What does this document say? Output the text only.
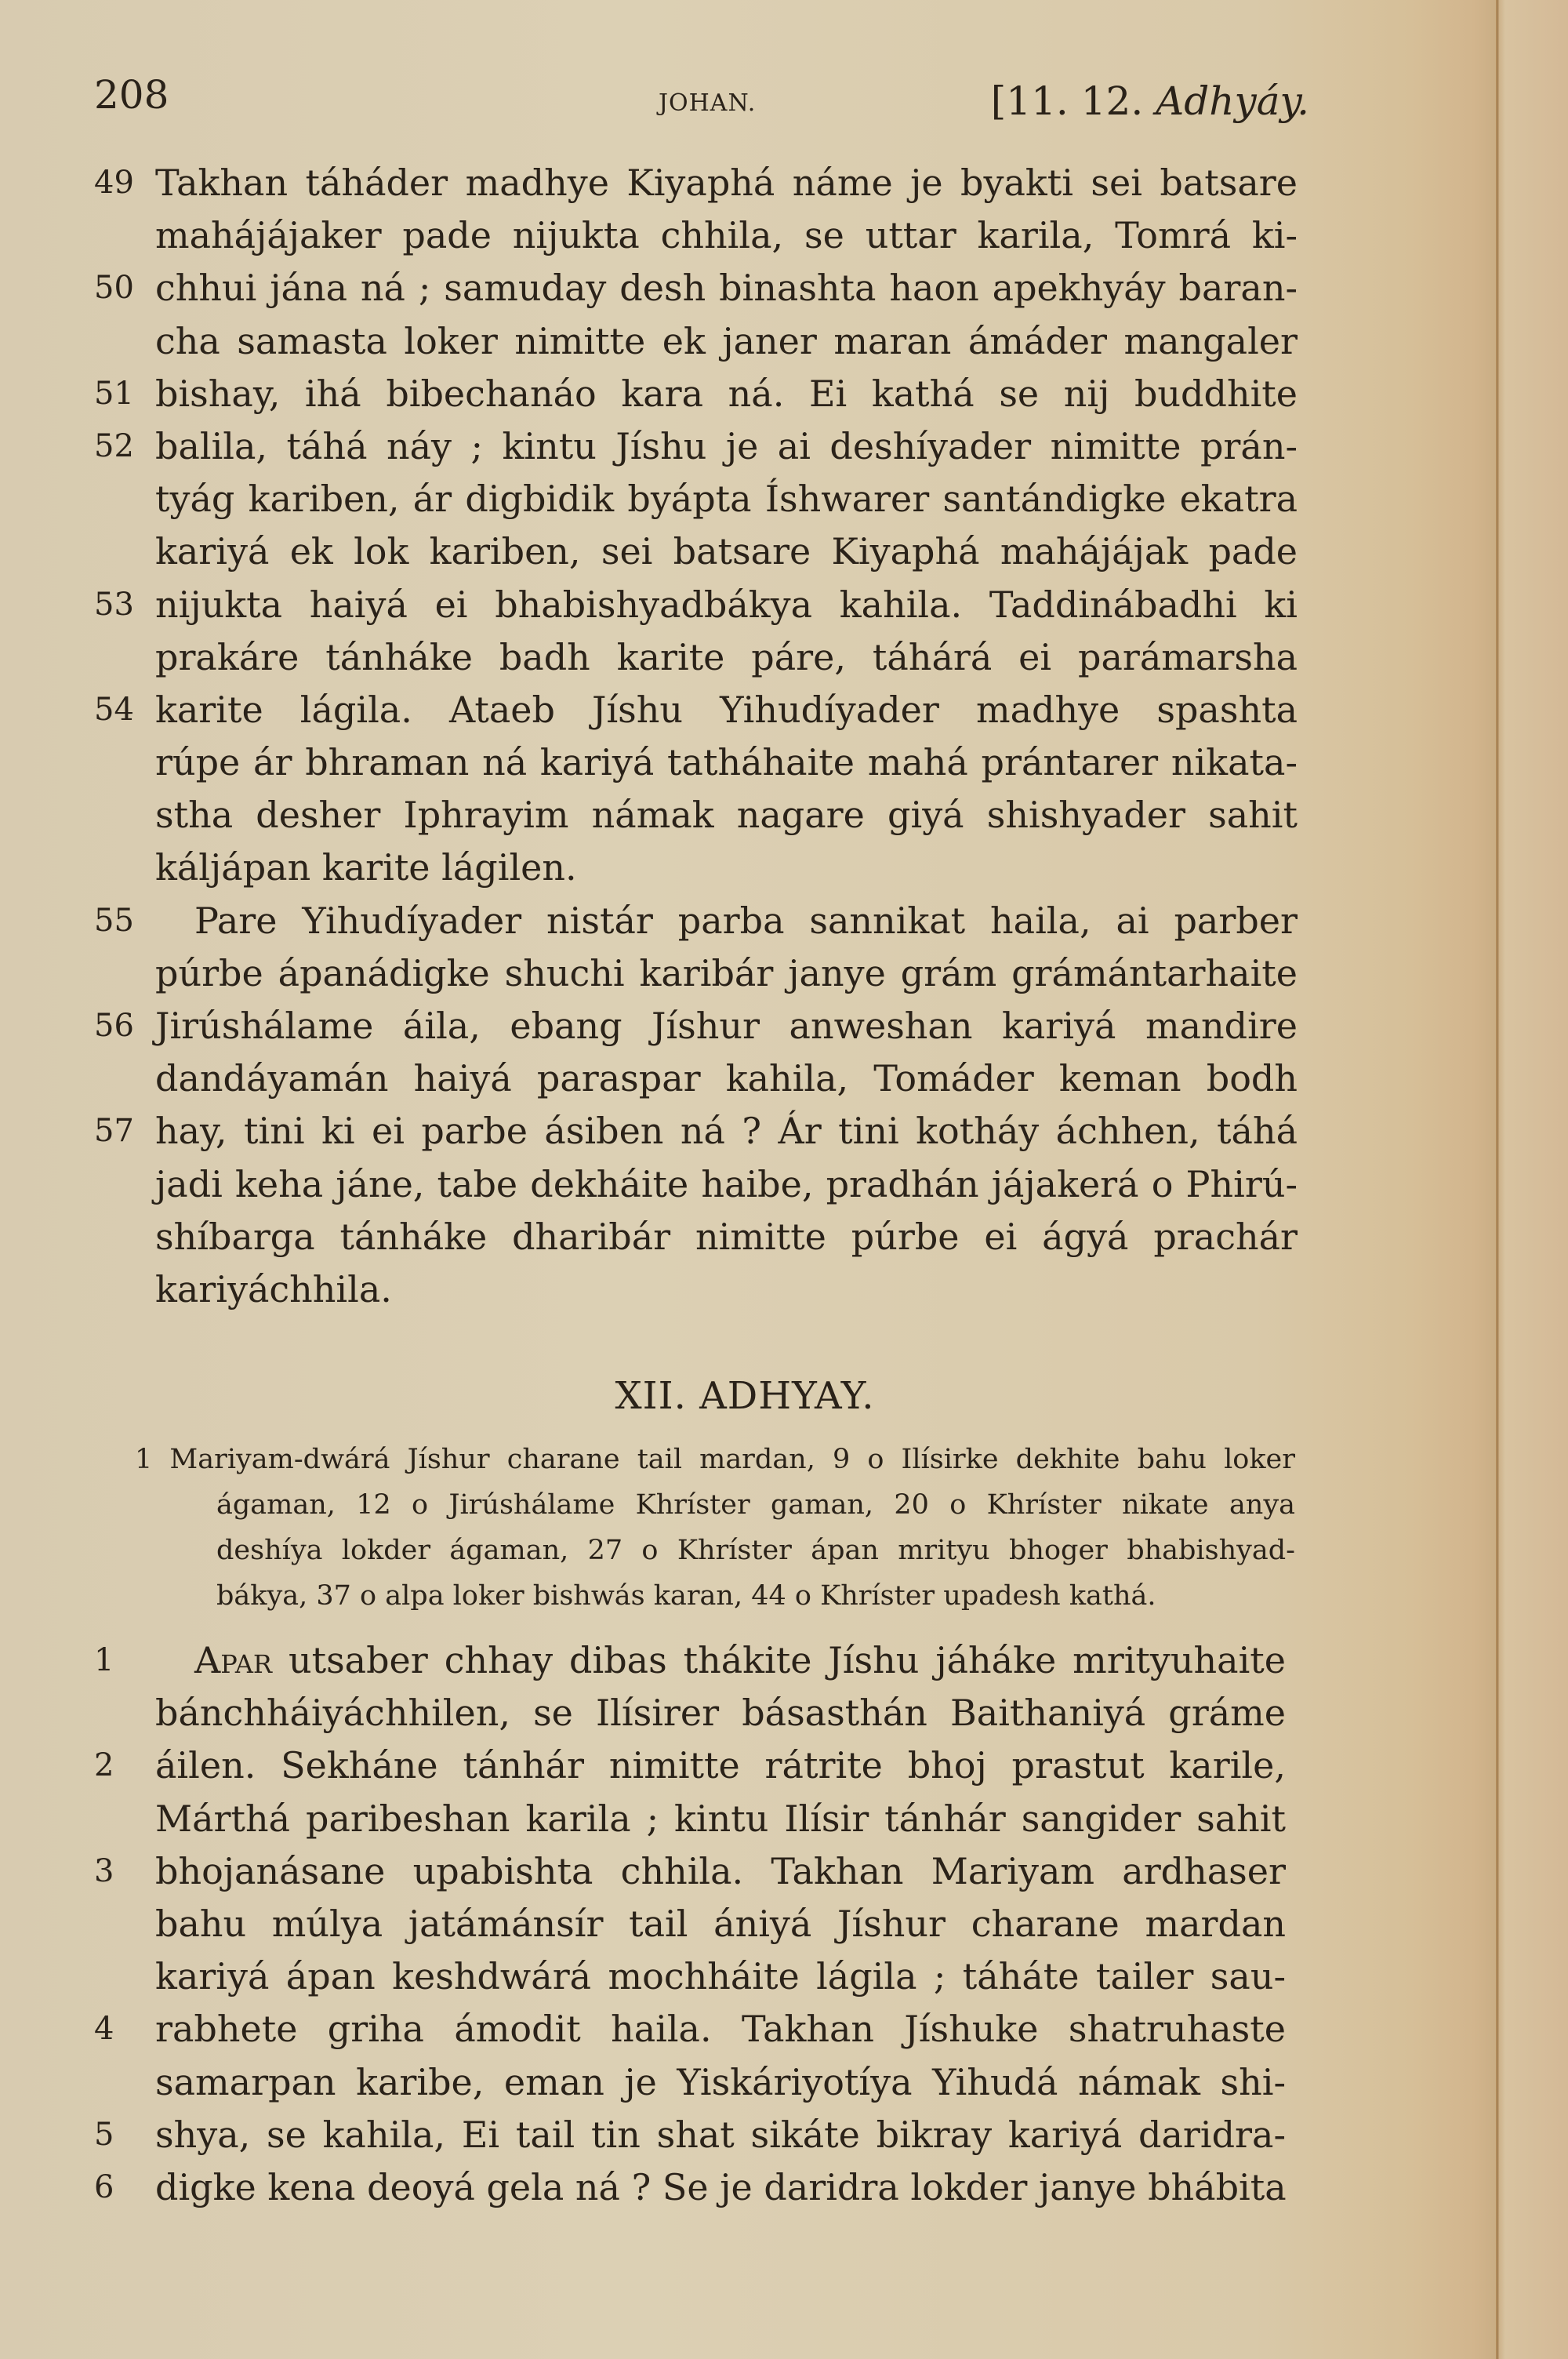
208	JOHAN.	[11. 12. Adhyáy.
49 Takhan táháder madhye Kiyaphá náme je byakti sei batsare
mahájájaker pade nijukta chhila, se uttar karila, Tomrá ki-
50 chhui jána ná ; samuday desh binashta haon apekhyáy baran-
cha samasta loker nimitte ek janer maran ámáder mangaler
51 bishay, ihá bibechanáo kara ná. Ei kathá se nij buddhite
52 balila, táhá náy ; kintu Jíshu je ai deshíyader nimitte prán-
tyág kariben, ár digbidik byápta Íshwarer santándigke ekatra
kariyá ek lok kariben, sei batsare Kiyaphá mahájájak pade
53 nijukta haiyá ei bhabishyadbákya kahila. Taddinábadhi ki
prakáre tánháke badh karite páre, táhárá ei parámarsha
54 karite lágila. Ataeb Jíshu Yihudíyader madhye spashta
rúpe ár bhraman ná kariyá tatháhaite mahá prántarer nikata-
stha desher Iphrayim námak nagare giyá shishyader sahit
káljápan karite lágilen.
55	Pare Yihudíyader nistár parba sannikat haila, ai parber
púrbe ápanádigke shuchi karibár janye grám grámántarhaite
56 Jirúshálame áila, ebang Jíshur anweshan kariyá mandire
dandáyamán haiyá paraspar kahila, Tomáder keman bodh
57 hay, tini ki ei parbe ásiben ná ? Ár tini kotháy áchhen, táhá
jadi keha jáne, tabe dekháite haibe, pradhán jájakerá o Phirú-
shíbarga tánháke dharibár nimitte púrbe ei ágyá prachár
kariyáchhila.
XII. ADHYAY.
1 Mariyam-dwárá Jíshur charane tail mardan, 9 o Ilísirke dekhite bahu loker
ágaman, 12 o Jirúshálame Khríster gaman, 20 o Khríster nikate anya
deshíya lokder ágaman, 27 o Khríster ápan mrityu bhoger bhabishyad-
bákya, 37 o alpa loker bishwás karan, 44 o Khríster upadesh kathá.
1	Apar utsaber chhay dibas thákite Jíshu jáháke mrityuhaite
bánchháiyáchhilen, se Ilísirer básasthán Baithaniyá gráme
2	áilen. Sekháne tánhár nimitte rátrite bhoj prastut karile,
Márthá paribeshan karila ; kintu Ilísir tánhár sangider sahit
3	bhojanásane upabishta chhila. Takhan Mariyam ardhaser
bahu múlya jatámánsír tail ániyá Jíshur charane mardan
kariyá ápan keshdwárá mochháite lágila ; táháte tailer sau-
4	rabhete griha ámodit haila. Takhan Jíshuke shatruhaste
samarpan karibe, eman je Yiskáriyotíya Yihudá námak shi-
5	shya, se kahila, Ei tail tin shat sikáte bikray kariyá daridra-
6	digke kena deoyá gela ná ? Se je daridra lokder janye bhábita
